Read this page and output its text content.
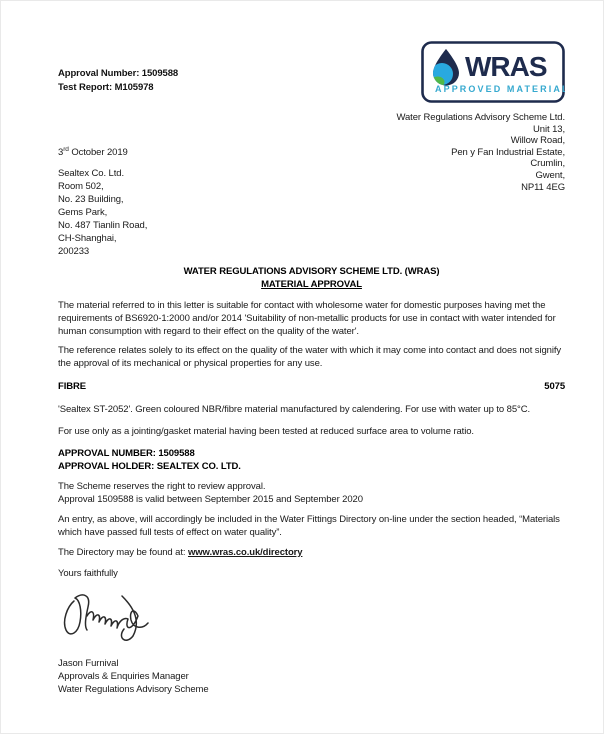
Approval Number: 1509588
Test Report: M105978
WRAS
APPROVED MATERIAL
Water Regulations Advisory Scheme Ltd.
Unit 13,
Willow Road,
Pen y Fan Industrial Estate,
Crumlin,
Gwent,
NP11 4EG
3rd October 2019
Sealtex Co. Ltd.
Room 502,
No. 23 Building,
Gems Park,
No. 487 Tianlin Road,
CH-Shanghai,
200233
WATER REGULATIONS ADVISORY SCHEME LTD. (WRAS)
MATERIAL APPROVAL

The material referred to in this letter is suitable for contact with wholesome water for domestic purposes having met the requirements of BS6920-1:2000 and/or 2014 'Suitability of non-metallic products for use in contact with water intended for human consumption with regard to their effect on the quality of the water'.

The reference relates solely to its effect on the quality of the water with which it may come into contact and does not signify the approval of its mechanical or physical properties for any use.

FIBRE	5075

'Sealtex ST-2052'. Green coloured NBR/fibre material manufactured by calendering. For use with water up to 85°C.

For use only as a jointing/gasket material having been tested at reduced surface area to volume ratio.

APPROVAL NUMBER: 1509588
APPROVAL HOLDER: SEALTEX CO. LTD.
The Scheme reserves the right to review approval.
Approval 1509588 is valid between September 2015 and September 2020

An entry, as above, will accordingly be included in the Water Fittings Directory on-line under the section headed, “Materials which have passed full tests of effect on water quality”.

The Directory may be found at: www.wras.co.uk/directory

Yours faithfully

Jason Furnival
Approvals & Enquiries Manager
Water Regulations Advisory Scheme
